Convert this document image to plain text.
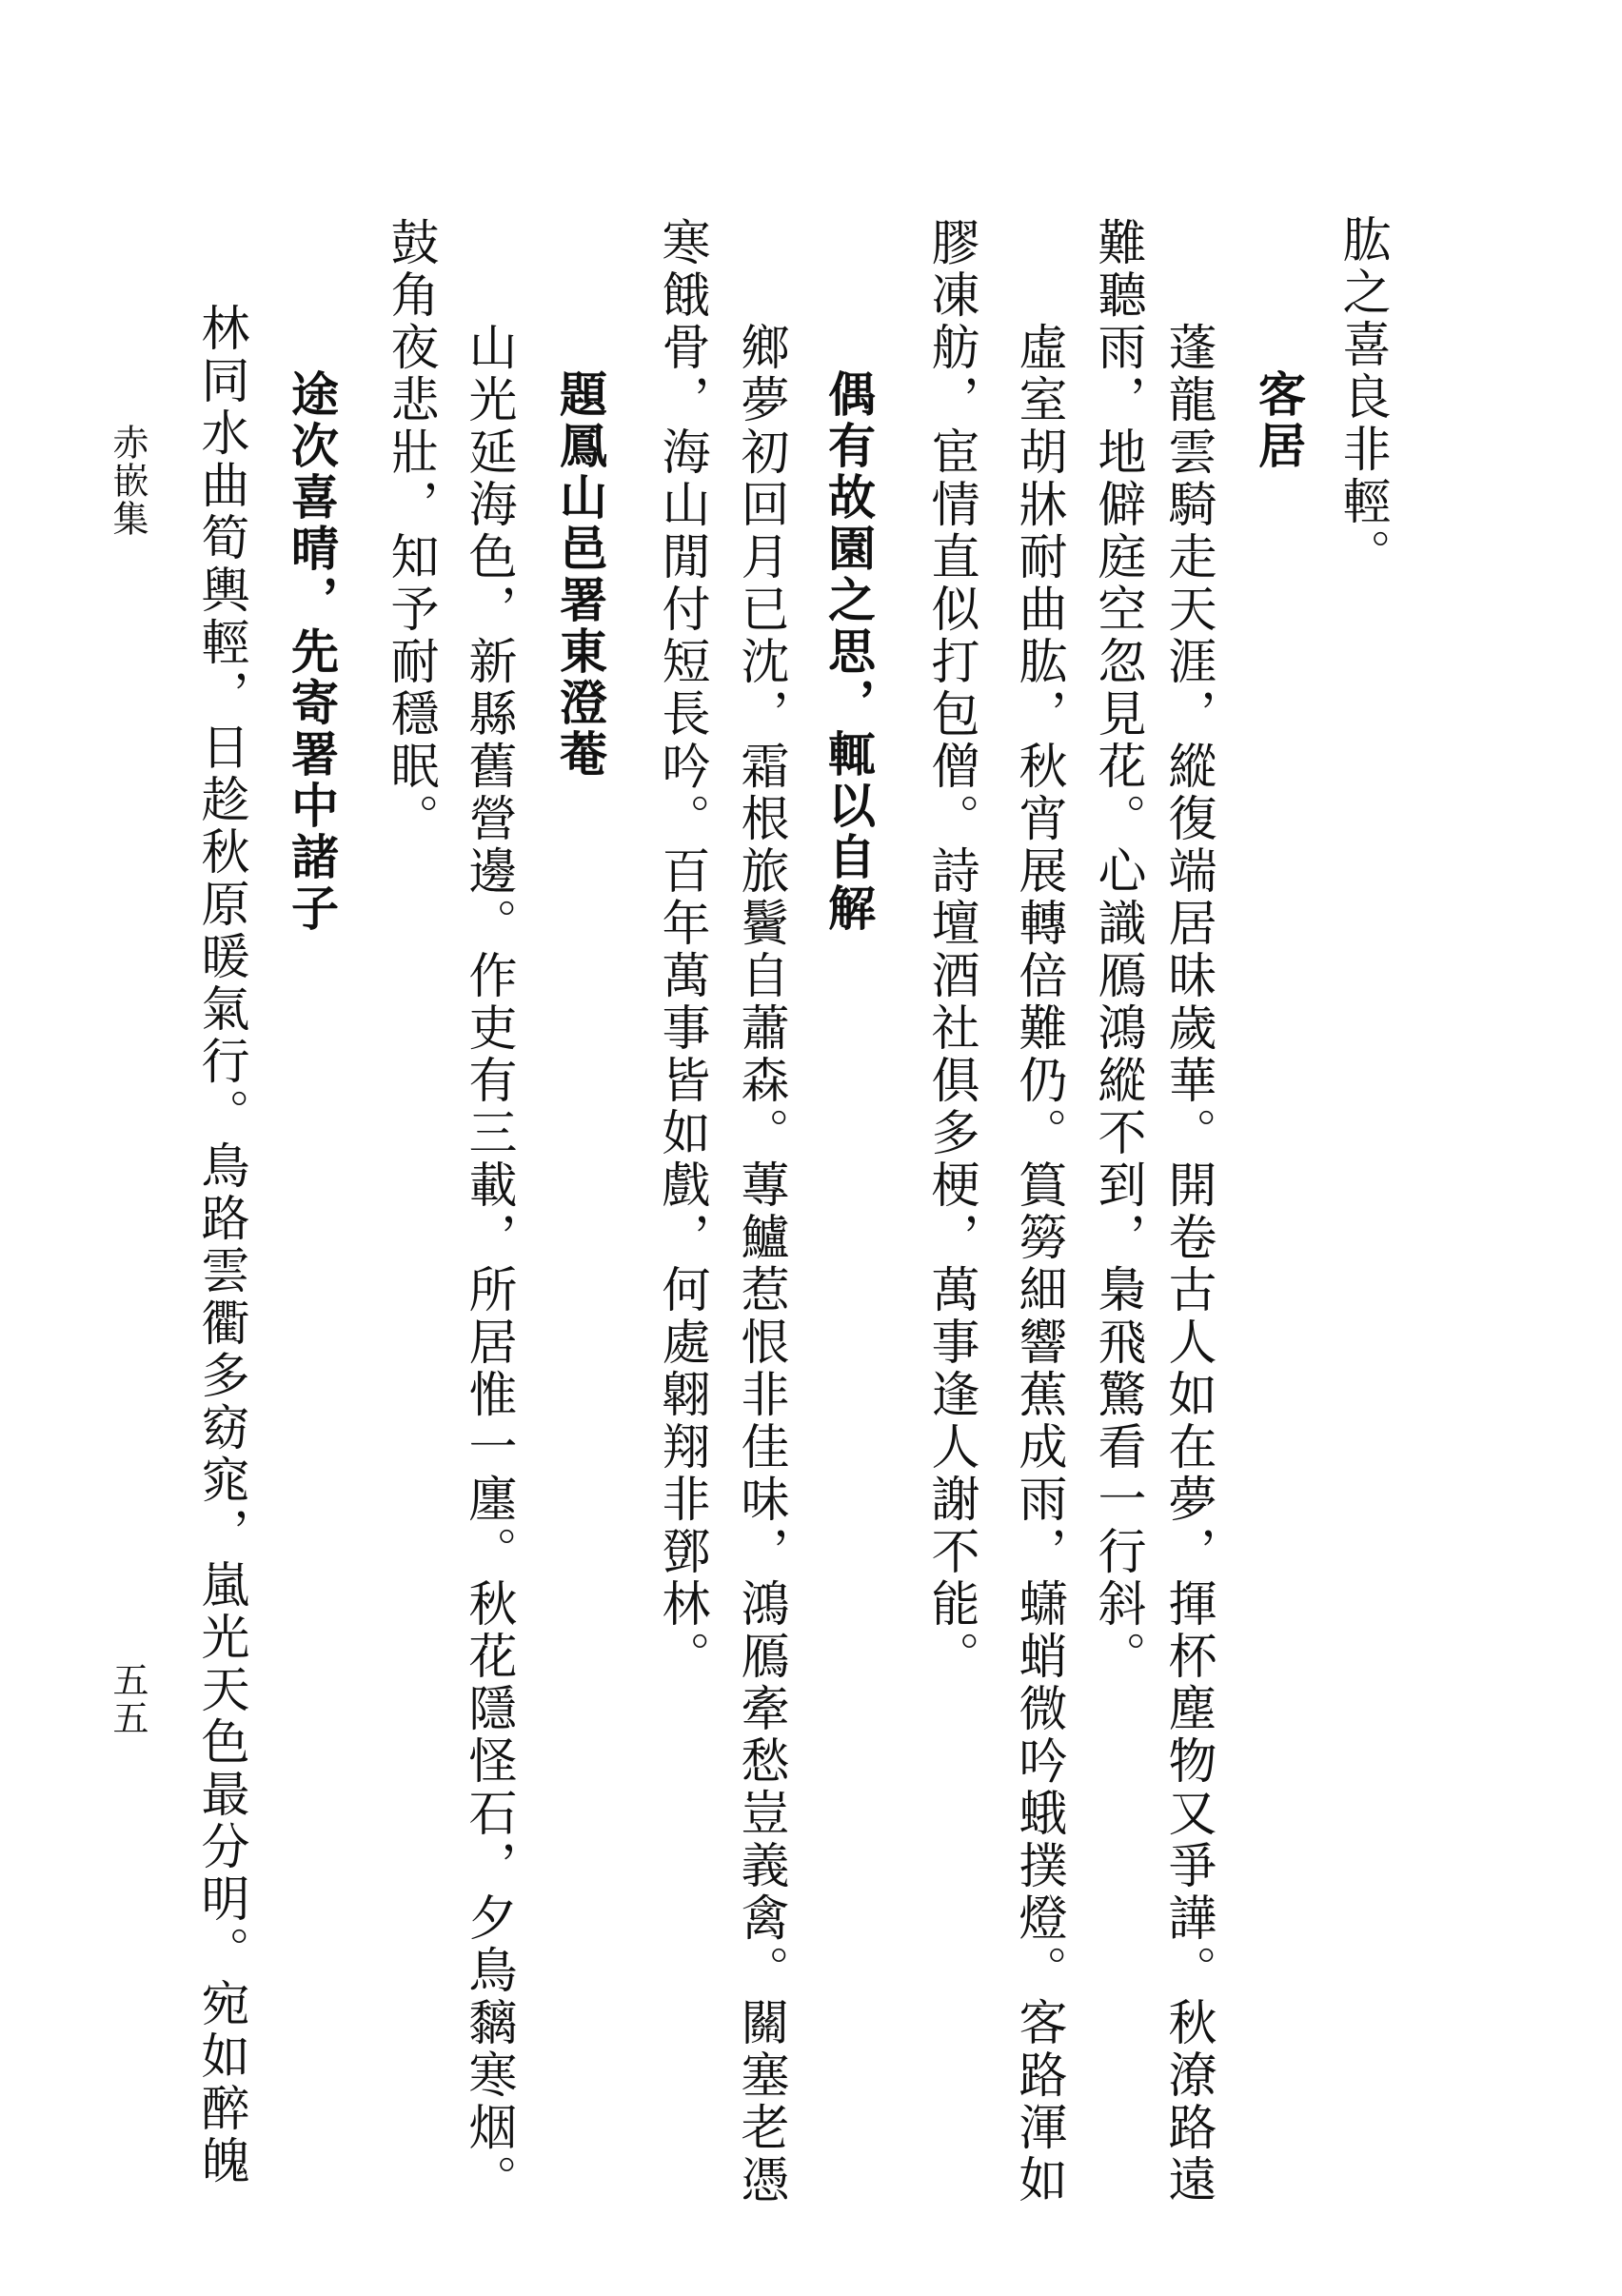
肱之喜良非輕。
客居
蓬龍雲騎走天涯，縱復端居昧歲華。開卷古人如在夢，揮杯塵物又爭譁。秋潦路遠
難聽雨，地僻庭空忽見花。心識鴈鴻縱不到，梟飛驚看一行斜。
虛室胡牀耐曲肱，秋宵展轉倍難仍。篔簩細響蕉成雨，蟏蛸微吟蛾撲燈。客路渾如
膠凍舫，宦情直似打包僧。詩壇酒社俱多梗，萬事逢人謝不能。
偶有故園之思，輒以自解
鄉夢初回月已沈，霜根旅鬢自蕭森。蓴鱸惹恨非佳味，鴻鴈牽愁豈義禽。關塞老憑
寒餓骨，海山閒付短長吟。百年萬事皆如戲，何處翺翔非鄧林。
題鳳山邑署東澄菴
山光延海色，新縣舊營邊。作吏有三載，所居惟一廛。秋花隱怪石，夕鳥黐寒烟。
鼓角夜悲壯，知予耐穩眠。
途次喜晴，先寄署中諸子
林同水曲筍輿輕，日趁秋原暖氣行。鳥路雲衢多窈窕，嵐光天色最分明。宛如醉魄
赤嵌集
五五
